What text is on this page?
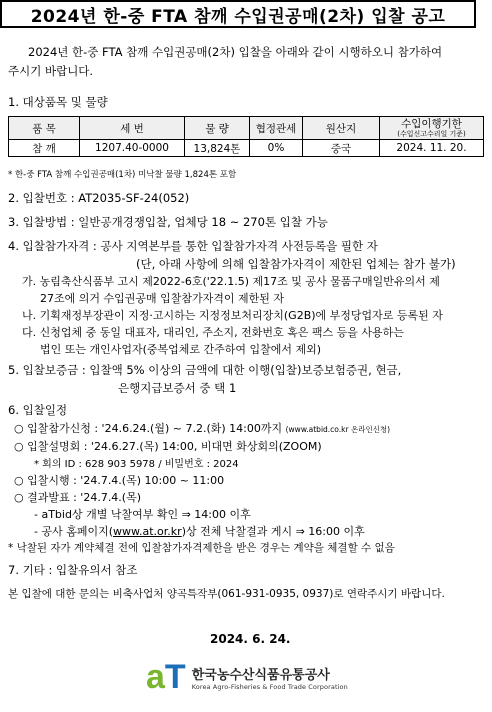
2024년 한-중 FTA 참깨 수입권공매(2차) 입찰 공고
2024년 한-중 FTA 참깨 수입권공매(2차) 입찰을 아래와 같이 시행하오니 참가하여
주시기 바랍니다.
1. 대상품목 및 물량
품 목	세 번	물 량	협정관세	원산지	수입이행기한
(수입신고수리일 기준)

참 깨	1207.40-0000	13,824톤	0%	중국	2024. 11. 20.
* 한-중 FTA 참깨 수입권공매(1차) 미낙찰 물량 1,824톤 포함
2. 입찰번호 : AT2035-SF-24(052)
3. 입찰방법 : 일반공개경쟁입찰, 업체당 18 ~ 270톤 입찰 가능
4. 입찰참가자격 : 공사 지역본부를 통한 입찰참가자격 사전등록을 필한 자
(단, 아래 사항에 의해 입찰참가자격이 제한된 업체는 참가 불가)
가. 농림축산식품부 고시 제2022-6호('22.1.5) 제17조 및 공사 물품구매일반유의서 제
27조에 의거 수입권공매 입찰참가자격이 제한된 자
나. 기획재정부장관이 지정·고시하는 지정정보처리장치(G2B)에 부정당업자로 등록된 자
다. 신청업체 중 동일 대표자, 대리인, 주소지, 전화번호 혹은 팩스 등을 사용하는
법인 또는 개인사업자(중복업체로 간주하여 입찰에서 제외)
5. 입찰보증금 : 입찰액 5% 이상의 금액에 대한 이행(입찰)보증보험증권, 현금,
은행지급보증서 중 택 1
6. 입찰일정
○ 입찰참가신청 : '24.6.24.(월) ~ 7.2.(화) 14:00까지 (www.atbid.co.kr 온라인신청)
○ 입찰설명회 : '24.6.27.(목) 14:00, 비대면 화상회의(ZOOM)
* 회의 ID : 628 903 5978 / 비밀번호 : 2024
○ 입찰시행 : '24.7.4.(목) 10:00 ~ 11:00
○ 결과발표 : '24.7.4.(목)
- aTbid상 개별 낙찰여부 확인 ⇒ 14:00 이후
- 공사 홈페이지(www.at.or.kr)상 전체 낙찰결과 게시 ⇒ 16:00 이후
* 낙찰된 자가 계약체결 전에 입찰참가자격제한을 받은 경우는 계약을 체결할 수 없음
7. 기타 : 입찰유의서 참조
본 입찰에 대한 문의는 비축사업처 양곡특작부(061-931-0935, 0937)로 연락주시기 바랍니다.
2024. 6. 24.
aT 한국농수산식품유통공사
Korea Agro-Fisheries & Food Trade Corporation
